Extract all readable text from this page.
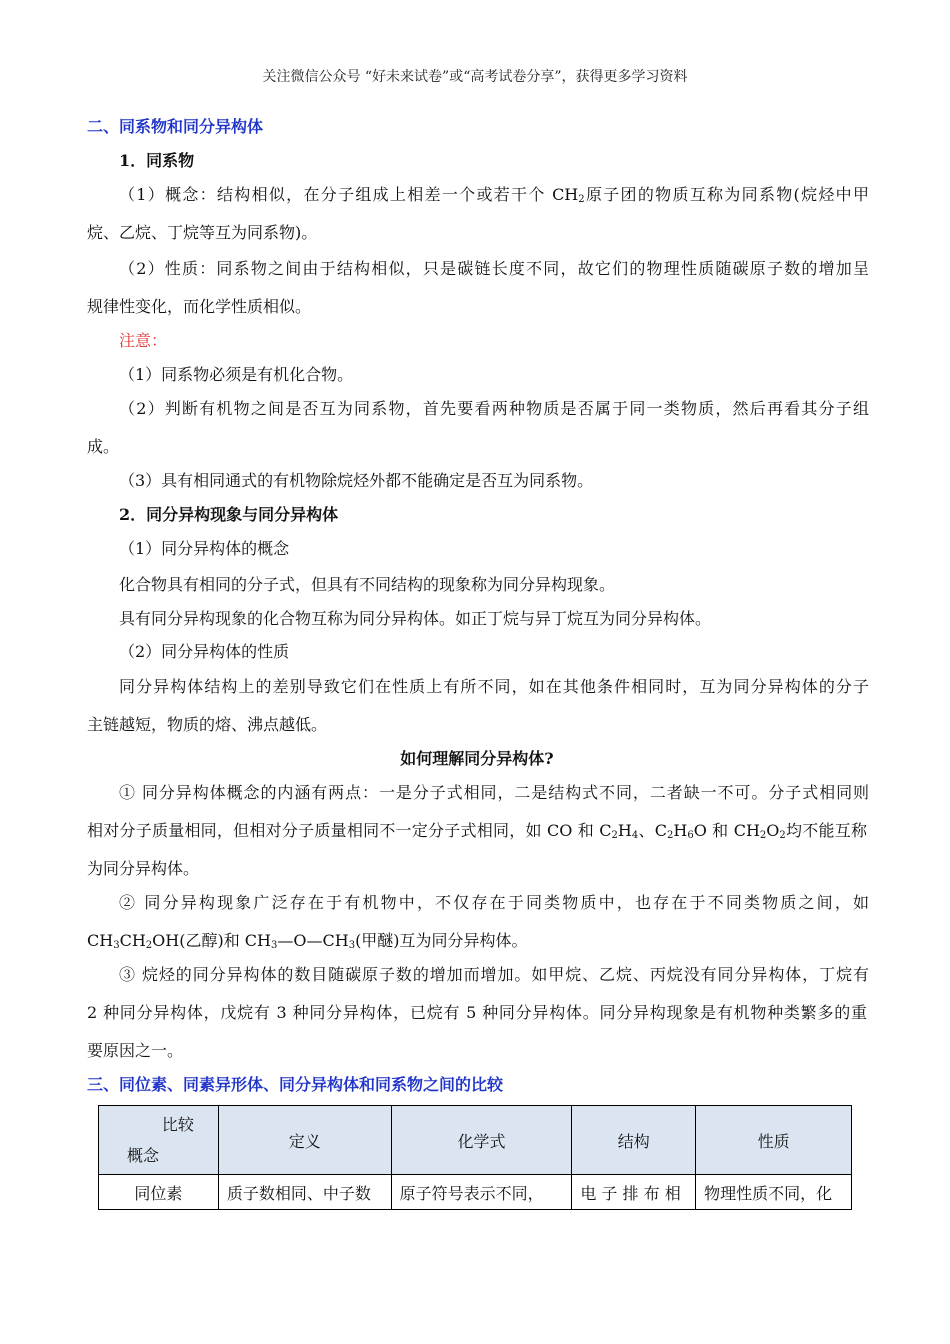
关注微信公众号 “好未来试卷”或“高考试卷分享”，获得更多学习资料
二、同系物和同分异构体
1．同系物
（1）概念：结构相似，在分子组成上相差一个或若干个 $CH_2$原子团的物质互称为同系物(烷烃中甲
烷、乙烷、丁烷等互为同系物)。
（2）性质：同系物之间由于结构相似，只是碳链长度不同，故它们的物理性质随碳原子数的增加呈
规律性变化，而化学性质相似。
注意：
（1）同系物必须是有机化合物。
（2）判断有机物之间是否互为同系物，首先要看两种物质是否属于同一类物质，然后再看其分子组
成。
（3）具有相同通式的有机物除烷烃外都不能确定是否互为同系物。
2．同分异构现象与同分异构体
（1）同分异构体的概念
化合物具有相同的分子式，但具有不同结构的现象称为同分异构现象。
具有同分异构现象的化合物互称为同分异构体。如正丁烷与异丁烷互为同分异构体。
（2）同分异构体的性质
同分异构体结构上的差别导致它们在性质上有所不同，如在其他条件相同时，互为同分异构体的分子
主链越短，物质的熔、沸点越低。
如何理解同分异构体?
① 同分异构体概念的内涵有两点：一是分子式相同，二是结构式不同，二者缺一不可。分子式相同则
相对分子质量相同，但相对分子质量相同不一定分子式相同，如 CO 和 $C_2H_4$、$C_2H_6O$ 和 $CH_2O_2$均不能互称
为同分异构体。
② 同分异构现象广泛存在于有机物中，不仅存在于同类物质中，也存在于不同类物质之间，如
$CH_3CH_2OH$(乙醇)和 $CH_3—O—CH_3$(甲醚)互为同分异构体。
③ 烷烃的同分异构体的数目随碳原子数的增加而增加。如甲烷、乙烷、丙烷没有同分异构体，丁烷有
2 种同分异构体，戊烷有 3 种同分异构体，已烷有 5 种同分异构体。同分异构现象是有机物种类繁多的重
要原因之一。
三、同位素、同素异形体、同分异构体和同系物之间的比较
比较
概念	定义	化学式	结构	性质
同位素	质子数相同、中子数	原子符号表示不同，	电 子 排 布 相	物理性质不同，化
